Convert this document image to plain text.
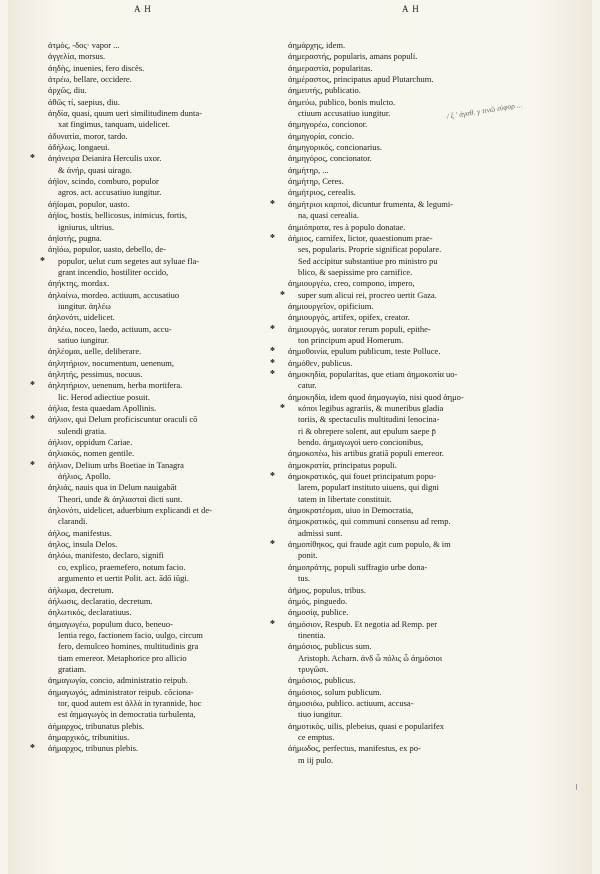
A H	A H
ἀτμὸς, -δος· vapor ...
ἀγγελία, morsus.
ἀηδὴς, inuenies, fero discès.
ἀτρέω, bellare, occidere.
ἀρχῶς, diu.
ἀθῶς τί, saepius, diu.
ἀηδία, quasi, quum ueri similitudinem dunta-
xat fingimus, tanquam, uidelicet.
ἀδυνατία, moror, tardo.
ἀδήλως, longaeui.
* ἀηάνειρα Deianira Herculis uxor.
& ἀνήρ, quasi uirago.
ἀήϊον, scindo, comburo, populor
agros. act. accusatiuo iungitur.
ἀήϊομαι, populor, uasto.
ἀήϊος, hostis, bellicosus, inimicus, fortis,
igniurus, ultrius.
ἀηϊοτής, pugna.
ἀηϊόω, populor, uasto, debello, de-
* populor, uelut cum segetes aut syluae fla-
grant incendio, hostiliter occido,
ἀηήκτης, mordax.
ἀηλαίνω, mordeo. actiuum, accusatiuo
iungitur. ἀηλέω
ἀηλονότι, uidelicet.
ἀηλέω, noceo, laedo, actiuum, accu-
satiuo iungitur.
ἀηλέομαι, uelle, deliberare.
ἀηλητήριον, nocumentum, uenenum,
ἀηλητής, pessimus, nocuus.
* ἀηλητήριον, uenenum, herba mortifera.
lic. Herod adiectiue posuit.
ἀήλια, festa quaedam Apollinis.
* ἀήλιον, qui Delum proficiscuntur oraculi cō
sulendi gratia.
ἀήλιον, oppidum Cariae.
ἀηλιακός, nomen gentile.
* ἀήλιον, Delium urbs Boetiae in Tanagra
ἀήλιος, Apollo.
ἀηλιάς, nauis qua in Delum nauigabāt
Theori, unde & ἀηλιασταὶ dicti sunt.
ἀηλονότι, uidelicet, aduerbium explicandi et de-
clarandi.
ἀήλος, manifestus.
ἀηλος, insula Delos.
ἀηλόω, manifesto, declaro, signifi
co, explico, praemefero, notum facio.
argumento et uertit Polit. act. ādō iūgi.
ἀήλωμα, decretum.
ἀήλωσις, declaratio, decretum.
ἀηλωτικός, declaratiuus.
ἀημαγωγέω, populum duco, beneuo-
lentia rego, factionem facio, uulgo, circum
fero, demulceo homines, multitudinis gra
tiam emereor. Metaphorice pro allicio
gratiam.
ἀημαγωγία, concio, administratio reipub.
ἀημαγωγός, administrator reipub. cōciona-
tor, quod autem est ἀλλὰ in tyrannide, hoc
est ἀημαγωγὸς in democratia turbulenta,
ἀήμαρχος, tribunatus plebis.
ἀημαρχικός, tribunitius.
* ἀήμαρχος, tribunus plebis.
ἀημάρχης, idem.
ἀημεραστής, popularis, amans populi.
ἀημεραστία, popularitas.
ἀημέραστος, principatus apud Plutarchum.
ἀημευτής, publicatio.
ἀημεύω, publico, bonis mulcto.
ctiuum accusatiuo iungitur.
ἀημηγορέω, concionor.
ἀημηγορία, concio.
ἀημηγορικός, concionarius.
ἀημηγόρος, concionator.
ἀημήτηρ, ...
ἀημήτηρ, Ceres.
ἀημήτριος, cerealis.
* ἀημήτριοι καρποί, dicuntur frumenta, & legumi-
na, quasi cerealia.
ἀημιόπρατα, res à populo donatae.
* ἀήμιος, carnifex, lictor, quaestionum prae-
ses, popularis. Proprie significat populare.
Sed accipitur substantiue pro ministro pu
blico, & saepissime pro carnifice.
ἀημιουργέω, creo, compono, impero,
* super sum alicui rei, procreo uertit Gaza.
ἀημιουργεῖον, opificium.
ἀημιουργός, artifex, opifex, creator.
* ἀημιουργός, uorator rerum populi, epithe-
ton principum apud Homerum.
* ἀημοθοινία, epulum publicum, teste Polluce.
* ἀημόθεν, publicus.
* ἀημοκηδία, popularitas, que etiam ἀημοκοπία uo-
catur.
ἀημοκηδία, idem quod ἀημαγωγία, nisi quod ἀημο-
* κόποι legibus agrariis, & muneribus gladia
toriis, & spectaculis multitudini lenocina-
ri & obrepere solent, aut epulum saepe p̄
bendo. ἀημαγωγοὶ uero concionibus,
ἀημοκοπέω, his artibus gratiā populi emereor.
ἀημοκρατία, principatus populi.
* ἀημοκρατικός, qui fouet principatum popu-
larem, popularī instituto uiuens, qui digni
tatem in libertate constituit.
ἀημοκρατέομαι, uiuo in Democratia,
ἀημοκρατικός, qui communi consensu ad remp.
admissi sunt.
* ἀημοπίθηκος, qui fraude agit cum populo, & im
ponit.
ἀημοπράτης, populi suffragio urbe dona-
tus.
ἀῆμος, populus, tribus.
ἀημός, pinguedo.
ἀημοσίᾳ, publice.
* ἀημόσιον, Respub. Et negotia ad Remp. per
tinentia.
ἀημόσιος, publicus sum.
Aristoph. Acharn. ἀνδ ὧ πόλις ὦ ἀημόσιοι
τρυγῶσι.
ἀημόσιος, publicus.
ἀημόσιος, solum publicum.
ἀημοσιόω, publico. actiuum, accusa-
tiuo iungitur.
ἀημοτικός, uilis, plebeius, quasi e popularifex
ce emptus.
ἀήμωδος, perfectus, manifestus, ex po-
m iij pulo.
/ ξ ' ἀγαθ. γ τινῶ εὐφορ ...
